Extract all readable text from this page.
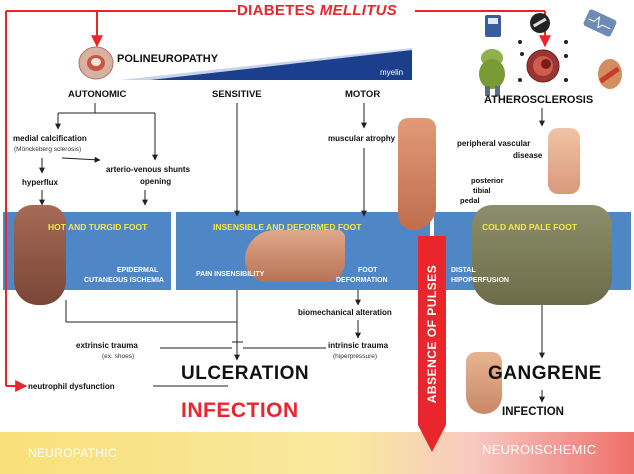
DIABETES MELLITUS
POLINEUROPATHY
myelin
AUTONOMIC	SENSITIVE	MOTOR	ATHEROSCLEROSIS
medial calcification
(Mönckeberg sclerosis)
arterio-venous shunts
opening
hyperflux
muscular atrophy
peripheral vascular
disease
posterior
tibial
pedal
HOT AND TURGID FOOT	INSENSIBLE AND DEFORMED FOOT	COLD AND PALE FOOT
EPIDERMAL
CUTANEOUS ISCHEMIA
PAIN INSENSIBILITY
FOOT
DEFORMATION
DISTAL
HIPOPERFUSION
biomechanical alteration
extrinsic trauma
(ex. shoes)
intrinsic trauma
(hiperpressure)
neutrophil dysfunction
ULCERATION
INFECTION
GANGRENE
INFECTION
ABSENCE OF PULSES
NEUROPATHIC	NEUROISCHEMIC
